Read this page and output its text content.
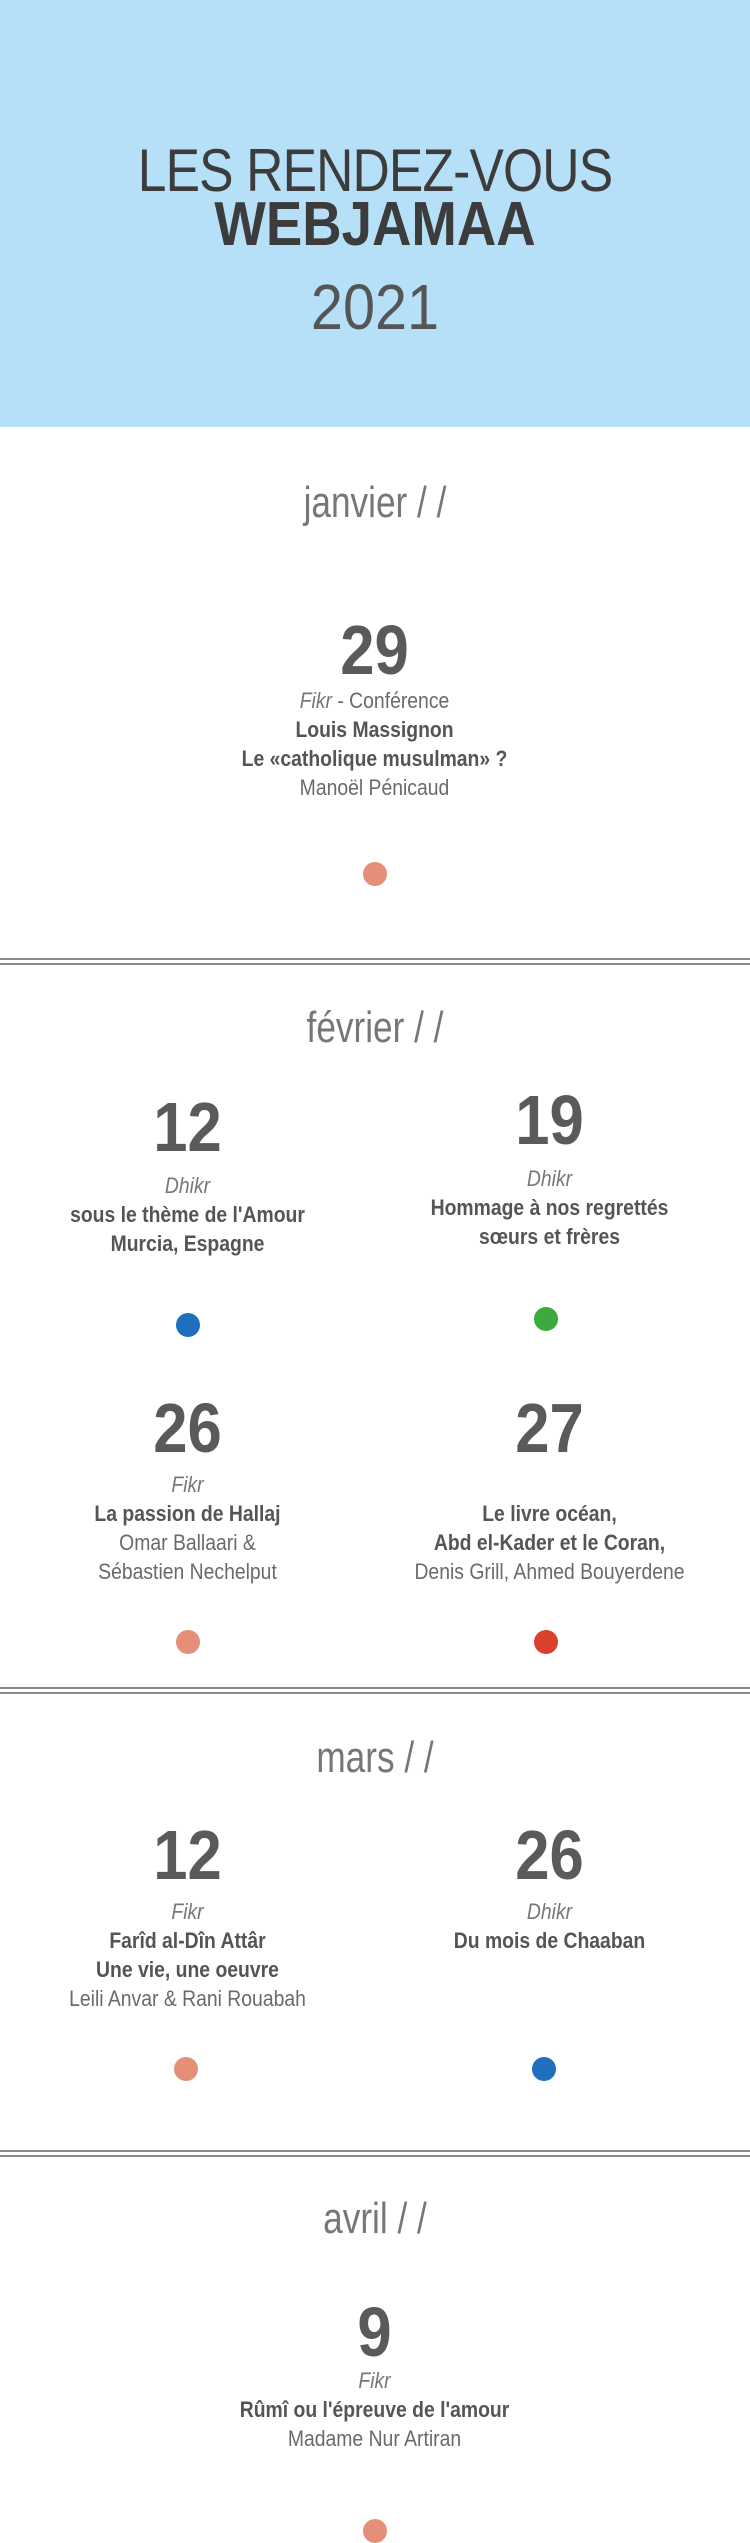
LES RENDEZ-VOUS
WEBJAMAA
2021
janvier / /
29
Fikr - Conférence
Louis Massignon
Le «catholique musulman» ?
Manoël Pénicaud
février / /
12
Dhikr
sous le thème de l'Amour
Murcia, Espagne
19
Dhikr
Hommage à nos regrettés
sœurs et frères
26
Fikr
La passion de Hallaj
Omar Ballaari &
Sébastien Nechelput
27
Le livre océan,
Abd el-Kader et le Coran,
Denis Grill, Ahmed Bouyerdene
mars / /
12
Fikr
Farîd al-Dîn Attâr
Une vie, une oeuvre
Leili Anvar & Rani Rouabah
26
Dhikr
Du mois de Chaaban
avril / /
9
Fikr
Rûmî ou l'épreuve de l'amour
Madame Nur Artiran
